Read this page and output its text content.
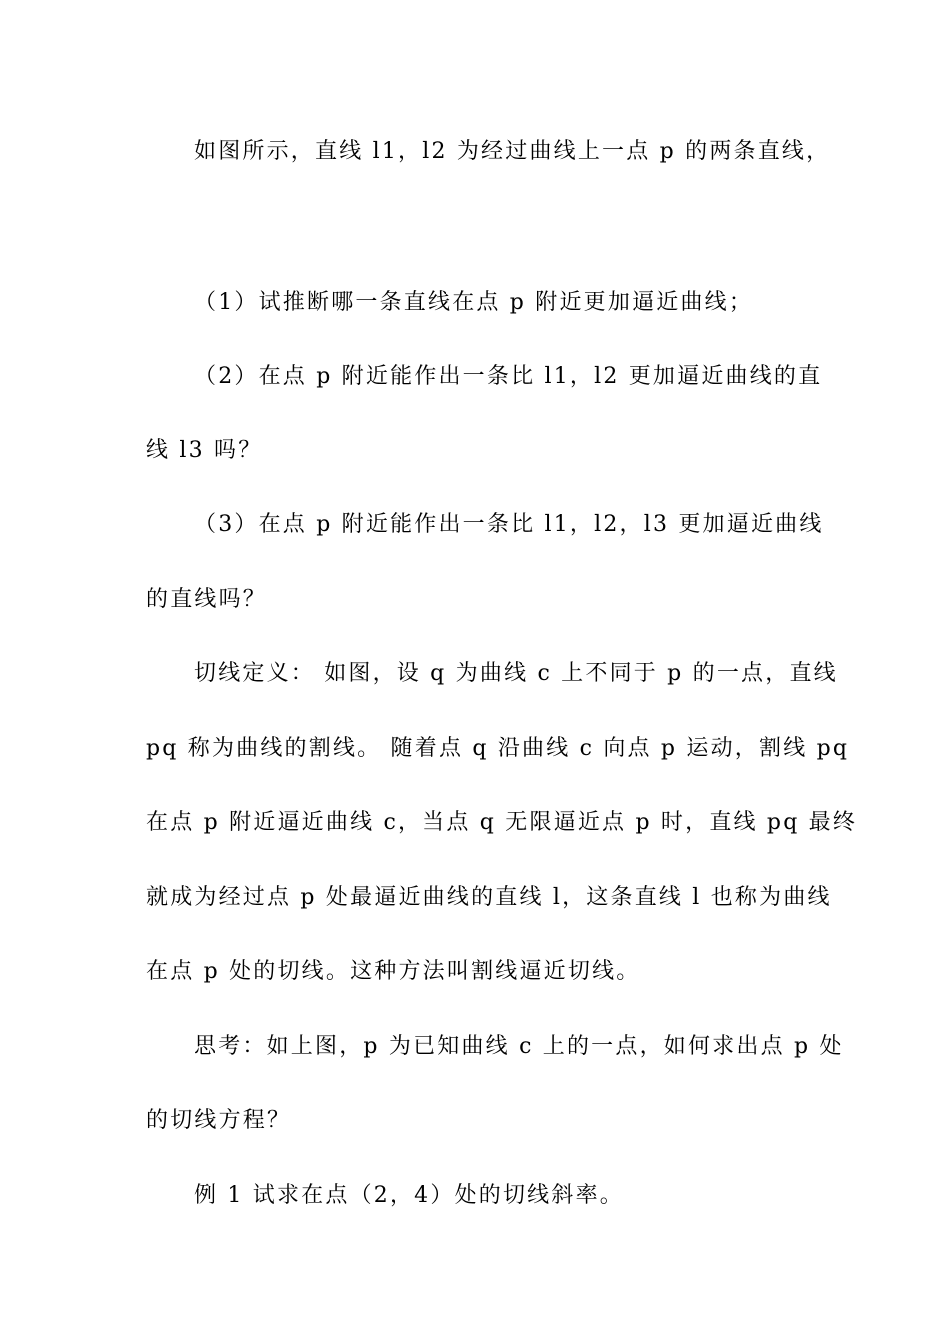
如图所示，直线 l1，l2 为经过曲线上一点 p 的两条直线，
（1）试推断哪一条直线在点 p 附近更加逼近曲线；
（2）在点 p 附近能作出一条比 l1，l2 更加逼近曲线的直
线 l3 吗？
（3）在点 p 附近能作出一条比 l1，l2，l3 更加逼近曲线
的直线吗？
切线定义： 如图，设 q 为曲线 c 上不同于 p 的一点，直线
pq 称为曲线的割线。 随着点 q 沿曲线 c 向点 p 运动，割线 pq
在点 p 附近逼近曲线 c，当点 q 无限逼近点 p 时，直线 pq 最终
就成为经过点 p 处最逼近曲线的直线 l，这条直线 l 也称为曲线
在点 p 处的切线。这种方法叫割线逼近切线。
思考：如上图，p 为已知曲线 c 上的一点，如何求出点 p 处
的切线方程？
例 1 试求在点（2，4）处的切线斜率。
